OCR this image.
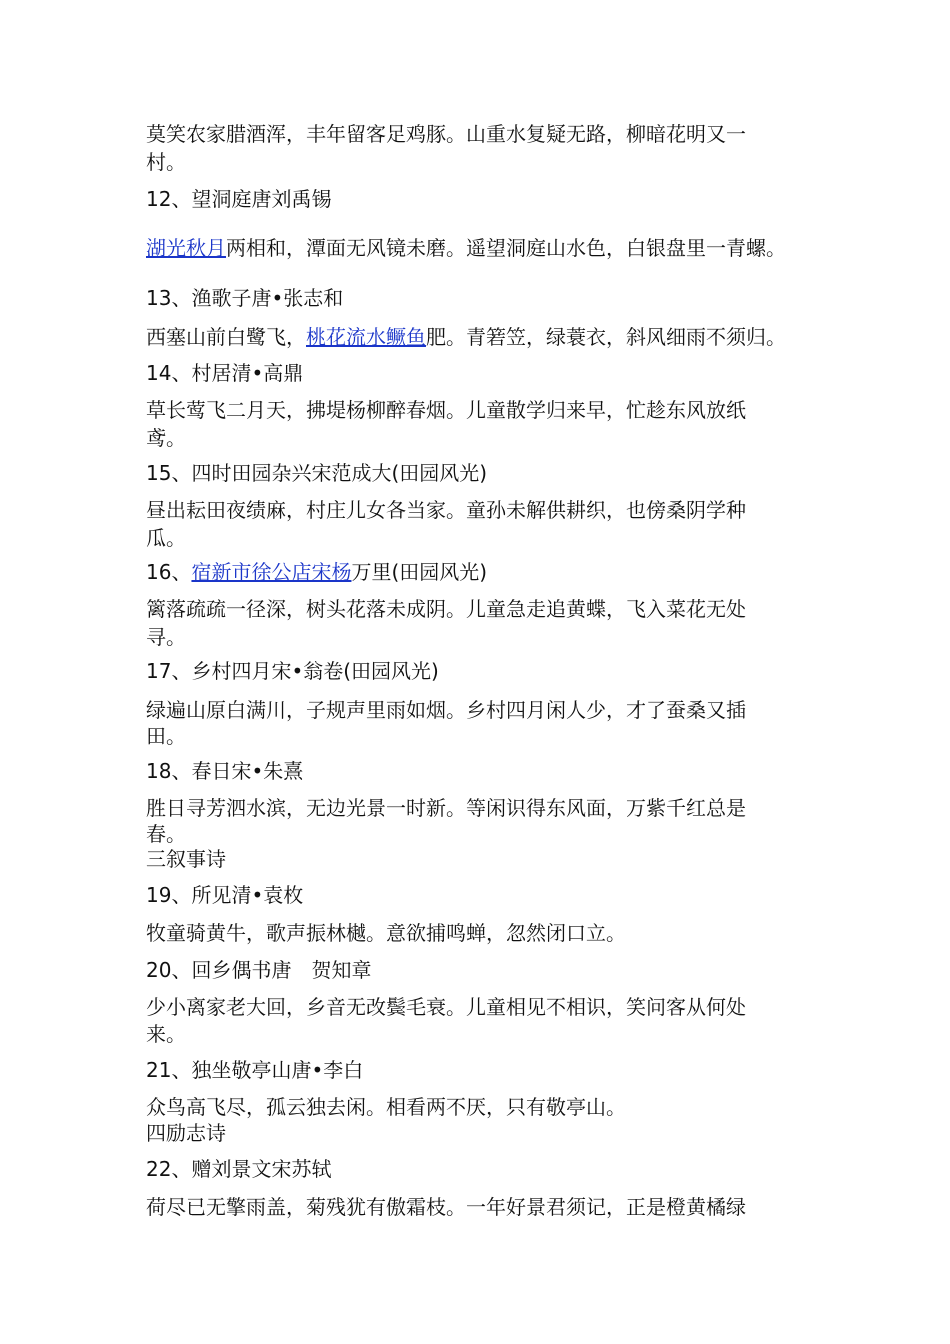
莫笑农家腊酒浑，丰年留客足鸡豚。山重水复疑无路，柳暗花明又一
村。
12、望洞庭唐刘禹锡
湖光秋月两相和，潭面无风镜未磨。遥望洞庭山水色，白银盘里一青螺。
13、渔歌子唐•张志和
西塞山前白鹭飞，桃花流水鳜鱼肥。青箬笠，绿蓑衣，斜风细雨不须归。
14、村居清•高鼎
草长莺飞二月天，拂堤杨柳醉春烟。儿童散学归来早，忙趁东风放纸
鸢。
15、四时田园杂兴宋范成大(田园风光)
昼出耘田夜绩麻，村庄儿女各当家。童孙未解供耕织，也傍桑阴学种
瓜。
16、宿新市徐公店宋杨万里(田园风光)
篱落疏疏一径深，树头花落未成阴。儿童急走追黄蝶，飞入菜花无处
寻。
17、乡村四月宋•翁卷(田园风光)
绿遍山原白满川，子规声里雨如烟。乡村四月闲人少，才了蚕桑又插
田。
18、春日宋•朱熹
胜日寻芳泗水滨，无边光景一时新。等闲识得东风面，万紫千红总是
春。
三叙事诗
19、所见清•袁枚
牧童骑黄牛，歌声振林樾。意欲捕鸣蝉，忽然闭口立。
20、回乡偶书唐　贺知章
少小离家老大回，乡音无改鬓毛衰。儿童相见不相识，笑问客从何处
来。
21、独坐敬亭山唐•李白
众鸟高飞尽，孤云独去闲。相看两不厌，只有敬亭山。
四励志诗
22、赠刘景文宋苏轼
荷尽已无擎雨盖，菊残犹有傲霜枝。一年好景君须记，正是橙黄橘绿
